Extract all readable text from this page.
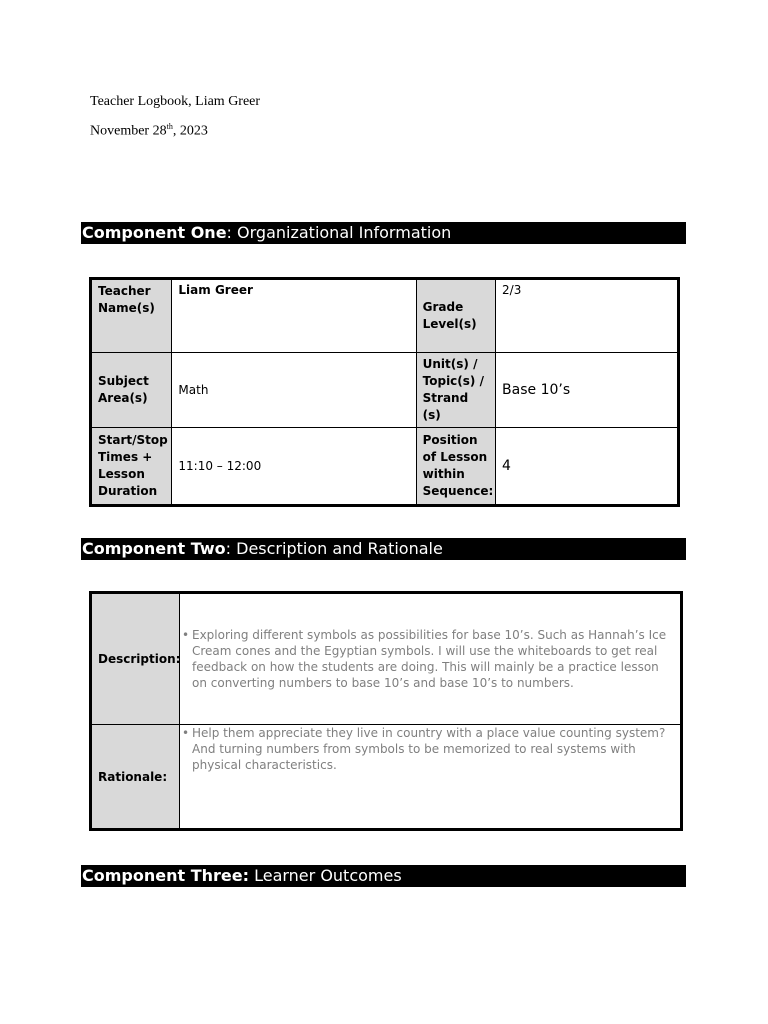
Teacher Logbook, Liam Greer
November 28th, 2023
Component One: Organizational Information
Teacher Name(s)	Liam Greer	Grade Level(s)	2/3
Subject Area(s)	Math	Unit(s) / Topic(s) / Strand (s)	Base 10’s
Start/Stop Times + Lesson Duration	11:10 – 12:00	Position of Lesson within Sequence:	4
Component Two: Description and Rationale
Description:	• Exploring different symbols as possibilities for base 10’s. Such as Hannah’s Ice Cream cones and the Egyptian symbols. I will use the whiteboards to get real feedback on how the students are doing. This will mainly be a practice lesson on converting numbers to base 10’s and base 10’s to numbers.

Rationale:	• Help them appreciate they live in country with a place value counting system? And turning numbers from symbols to be memorized to real systems with physical characteristics.
Component Three: Learner Outcomes
